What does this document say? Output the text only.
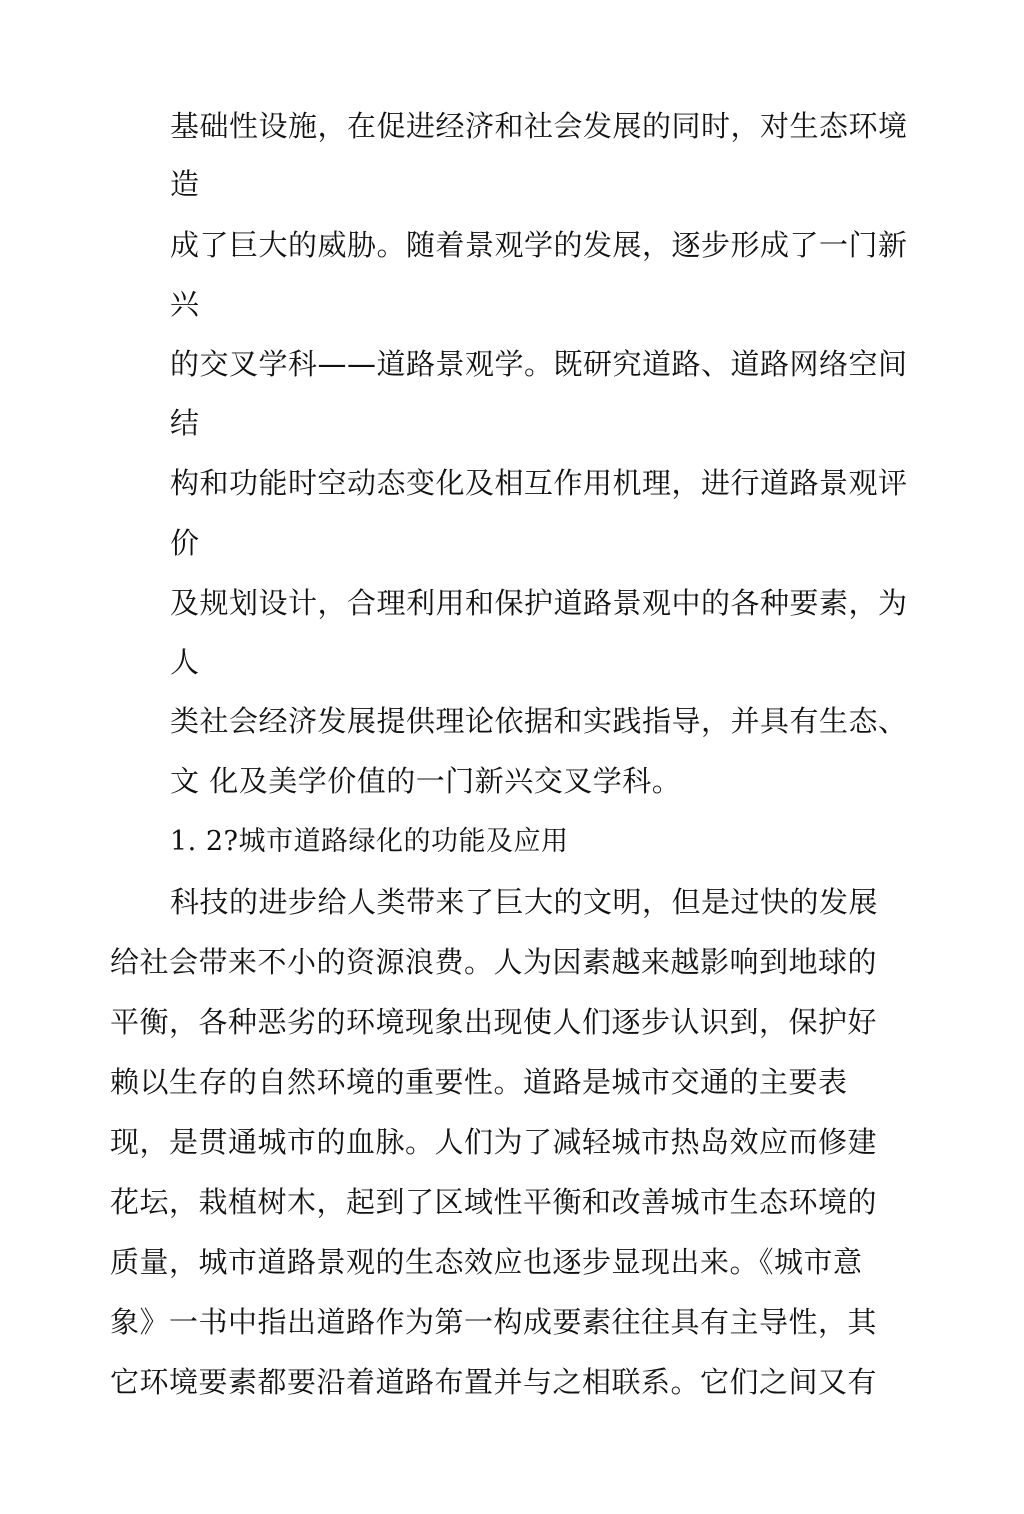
基础性设施，在促进经济和社会发展的同时，对生态环境
造
成了巨大的威胁。随着景观学的发展，逐步形成了一门新
兴
的交叉学科——道路景观学。既研究道路、道路网络空间
结
构和功能时空动态变化及相互作用机理，进行道路景观评
价
及规划设计，合理利用和保护道路景观中的各种要素，为
人
类社会经济发展提供理论依据和实践指导，并具有生态、
文 化及美学价值的一门新兴交叉学科。
1. 2?城市道路绿化的功能及应用
科技的进步给人类带来了巨大的文明，但是过快的发展
给社会带来不小的资源浪费。人为因素越来越影响到地球的
平衡，各种恶劣的环境现象出现使人们逐步认识到，保护好
赖以生存的自然环境的重要性。道路是城市交通的主要表
现，是贯通城市的血脉。人们为了减轻城市热岛效应而修建
花坛，栽植树木，起到了区域性平衡和改善城市生态环境的
质量，城市道路景观的生态效应也逐步显现出来。《城市意
象》一书中指出道路作为第一构成要素往往具有主导性，其
它环境要素都要沿着道路布置并与之相联系。它们之间又有
